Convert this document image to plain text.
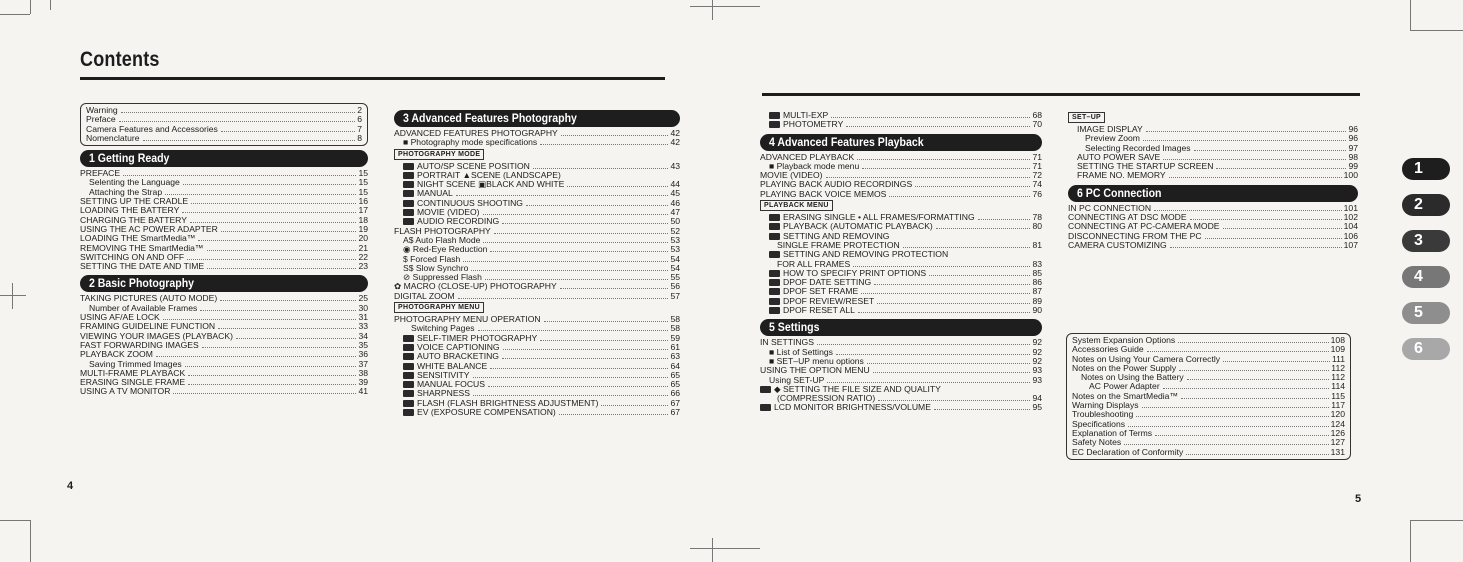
Contents
Warning	2
Preface	6
Camera Features and Accessories	7
Nomenclature	8
1 Getting Ready
PREFACE	15
Selenting the Language	15
Attaching the Strap	15
SETTING UP THE CRADLE	16
LOADING THE BATTERY	17
CHARGING THE BATTERY	18
USING THE AC POWER ADAPTER	19
LOADING THE SmartMedia™	20
REMOVING THE SmartMedia™	21
SWITCHING ON AND OFF	22
SETTING THE DATE AND TIME	23
2 Basic Photography
TAKING PICTURES (AUTO MODE)	25
Number of Available Frames	30
USING AF/AE LOCK	31
FRAMING GUIDELINE FUNCTION	33
VIEWING YOUR IMAGES (PLAYBACK)	34
FAST FORWARDING IMAGES	35
PLAYBACK ZOOM	36
Saving Trimmed Images	37
MULTI-FRAME PLAYBACK	38
ERASING SINGLE FRAME	39
USING A TV MONITOR	41
3 Advanced Features Photography
ADVANCED FEATURES PHOTOGRAPHY	42
■ Photography mode specifications	42
PHOTOGRAPHY MODE
AUTO/SP SCENE POSITION	43
PORTRAIT ▲SCENE (LANDSCAPE)
NIGHT SCENE ▣BLACK AND WHITE	44
MANUAL	45
CONTINUOUS SHOOTING	46
MOVIE (VIDEO)	47
AUDIO RECORDING	50
FLASH PHOTOGRAPHY	52
A$ Auto Flash Mode	53
◉ Red-Eye Reduction	53
$ Forced Flash	54
S$ Slow Synchro	54
⊘ Suppressed Flash	55
✿ MACRO (CLOSE-UP) PHOTOGRAPHY	56
DIGITAL ZOOM	57
PHOTOGRAPHY MENU
PHOTOGRAPHY MENU OPERATION	58
Switching Pages	58
SELF-TIMER PHOTOGRAPHY	59
VOICE CAPTIONING	61
AUTO BRACKETING	63
WHITE BALANCE	64
SENSITIVITY	65
MANUAL FOCUS	65
SHARPNESS	66
FLASH (FLASH BRIGHTNESS ADJUSTMENT)	67
EV (EXPOSURE COMPENSATION)	67
MULTI-EXP	68
PHOTOMETRY	70
4 Advanced Features Playback
ADVANCED PLAYBACK	71
■ Playback mode menu	71
MOVIE (VIDEO)	72
PLAYING BACK AUDIO RECORDINGS	74
PLAYING BACK VOICE MEMOS	76
PLAYBACK MENU
ERASING SINGLE • ALL FRAMES/FORMATTING	78
PLAYBACK (AUTOMATIC PLAYBACK)	80
SETTING AND REMOVING
SINGLE FRAME PROTECTION	81
SETTING AND REMOVING PROTECTION
FOR ALL FRAMES	83
HOW TO SPECIFY PRINT OPTIONS	85
DPOF DATE SETTING	86
DPOF SET FRAME	87
DPOF REVIEW/RESET	89
DPOF RESET ALL	90
5 Settings
IN SETTINGS	92
■ List of Settings	92
■ SET–UP menu options	92
USING THE OPTION MENU	93
Using SET-UP	93
◆ SETTING THE FILE SIZE AND QUALITY
(COMPRESSION RATIO)	94
LCD MONITOR BRIGHTNESS/VOLUME	95
SET–UP
IMAGE DISPLAY	96
Preview Zoom	96
Selecting Recorded Images	97
AUTO POWER SAVE	98
SETTING THE STARTUP SCREEN	99
FRAME NO. MEMORY	100
6 PC Connection
IN PC CONNECTION	101
CONNECTING AT DSC MODE	102
CONNECTING AT PC-CAMERA MODE	104
DISCONNECTING FROM THE PC	106
CAMERA CUSTOMIZING	107
System Expansion Options	108
Accessories Guide	109
Notes on Using Your Camera Correctly	111
Notes on the Power Supply	112
Notes on Using the Battery	112
AC Power Adapter	114
Notes on the SmartMedia™	115
Warning Displays	117
Troubleshooting	120
Specifications	124
Explanation of Terms	126
Safety Notes	127
EC Declaration of Conformity	131
4
5
1
2
3
4
5
6
